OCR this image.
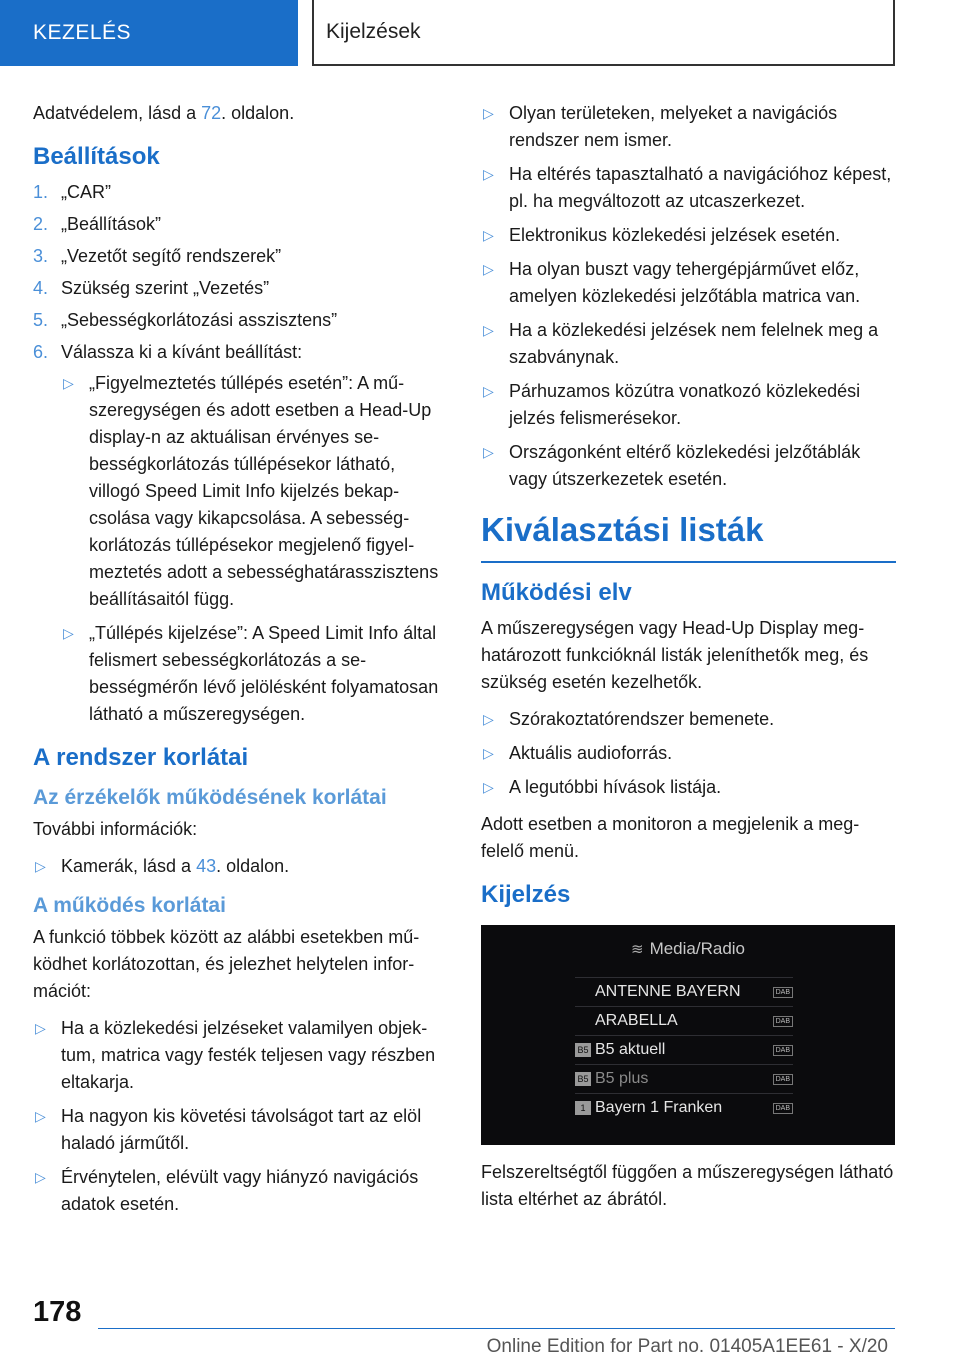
KEZELÉS	Kijelzések

Adatvédelem, lásd a 72. oldalon.

Beállítások
1. „CAR”
2. „Beállítások”
3. „Vezetőt segítő rendszerek”
4. Szükség szerint „Vezetés”
5. „Sebességkorlátozási asszisztens”
6. Válassza ki a kívánt beállítást:
▷ „Figyelmeztetés túllépés esetén”: A műszeregységen és adott esetben a Head-Up display-n az aktuálisan érvényes sebességkorlátozás túllépésekor látható, villogó Speed Limit Info kijelzés bekapcsolása vagy kikapcsolása. A sebességkorlátozás túllépésekor megjelenő figyelmeztetés adott a sebességhatárasszisztens beállításaitól függ.
▷ „Túllépés kijelzése”: A Speed Limit Info által felismert sebességkorlátozás a sebességmérőn lévő jelölésként folyamatosan látható a műszeregységen.
A rendszer korlátai
Az érzékelők működésének korlátai

További információk:

▷ Kamerák, lásd a 43. oldalon.
A működés korlátai

A funkció többek között az alábbi esetekben működhet korlátozottan, és jelezhet helytelen információt:

▷ Ha a közlekedési jelzéseket valamilyen objektum, matrica vagy festék teljesen vagy részben eltakarja.
▷ Ha nagyon kis követési távolságot tart az elöl haladó járműtől.
▷ Érvénytelen, elévült vagy hiányzó navigációs adatok esetén.
▷ Olyan területeken, melyeket a navigációs rendszer nem ismer.
▷ Ha eltérés tapasztalható a navigációhoz képest, pl. ha megváltozott az utcaszerkezet.
▷ Elektronikus közlekedési jelzések esetén.
▷ Ha olyan buszt vagy tehergépjárművet előz, amelyen közlekedési jelzőtábla matrica van.
▷ Ha a közlekedési jelzések nem felelnek meg a szabványnak.
▷ Párhuzamos közútra vonatkozó közlekedési jelzés felismerésekor.
▷ Országonként eltérő közlekedési jelzőtáblák vagy útszerkezetek esetén.
Kiválasztási listák
Működési elv

A műszeregységen vagy Head-Up Display meghatározott funkcióknál listák jeleníthetők meg, és szükség esetén kezelhetők.

▷ Szórakoztatórendszer bemenete.
▷ Aktuális audioforrás.
▷ A legutóbbi hívások listája.

Adott esetben a monitoron a megjelenik a megfelelő menü.

Kijelzés
≋ Media/Radio
ANTENNE BAYERN	DAB
ARABELLA	DAB
B5 B5 aktuell	DAB
B5 B5 plus	DAB
1 Bayern 1 Franken	DAB

Felszereltségtől függően a műszeregységen látható lista eltérhet az ábrától.

178
Online Edition for Part no. 01405A1EE61 - X/20
